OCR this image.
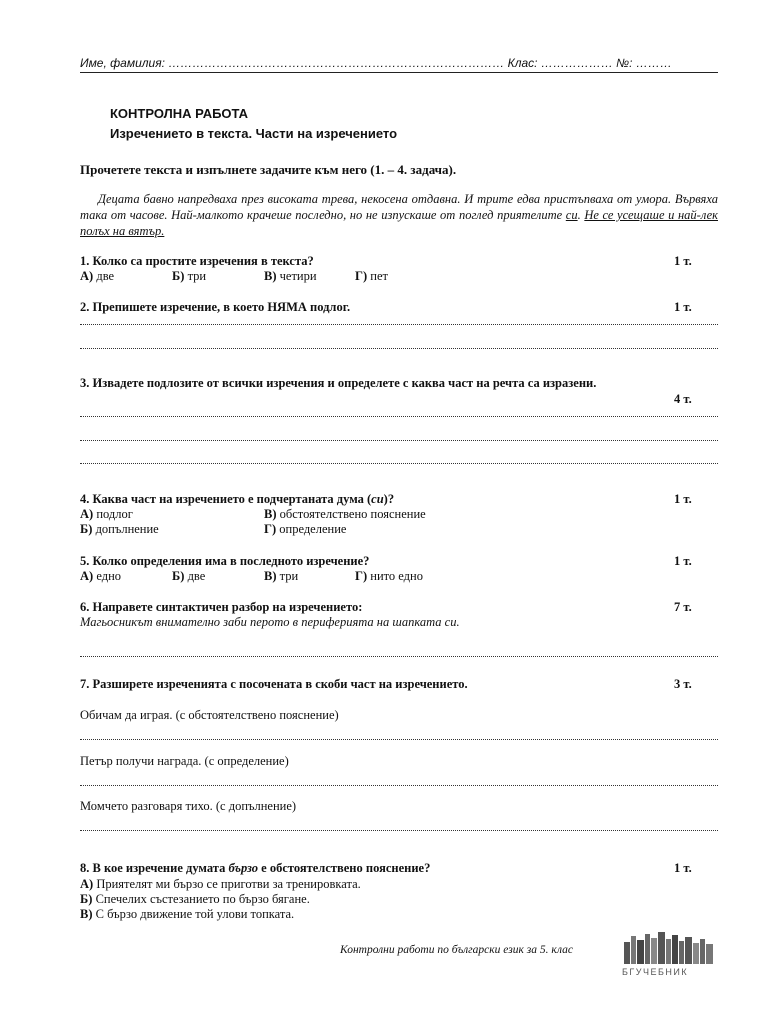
Име, фамилия: ………………………………………………………………………… Клас: ……………… №: ………
КОНТРОЛНА РАБОТА
Изречението в текста. Части на изречението
Прочетете текста и изпълнете задачите към него (1. – 4. задача).
Децата бавно напредваха през високата трева, некосена отдавна. И трите едва пристъпваха от умора. Вървяха така от часове. Най-малкото крачеше последно, но не изпускаше от поглед приятелите си. Не се усещаше и най-лек полъх на вятър.
1. Колко са простите изречения в текста?	1 т.
А) две	Б) три	В) четири	Г) пет
2. Препишете изречение, в което НЯМА подлог.	1 т.
3. Извадете подлозите от всички изречения и определете с каква част на речта са изразени.
4 т.
4. Каква част на изречението е подчертаната дума (си)?	1 т.
А) подлог	В) обстоятелствено пояснение
Б) допълнение	Г) определение
5. Колко определения има в последното изречение?	1 т.
А) едно	Б) две	В) три	Г) нито едно
6. Направете синтактичен разбор на изречението:	7 т.
Магьосникът внимателно заби перото в периферията на шапката си.
7. Разширете изреченията с посочената в скоби част на изречението.	3 т.
Обичам да играя. (с обстоятелствено пояснение)
Петър получи награда. (с определение)
Момчето разговаря тихо. (с допълнение)
8. В кое изречение думата бързо е обстоятелствено пояснение?	1 т.
А) Приятелят ми бързо се приготви за тренировката.
Б) Спечелих състезанието по бързо бягане.
В) С бързо движение той улови топката.
Контролни работи по български език за 5. клас
БГУЧЕБНИК
